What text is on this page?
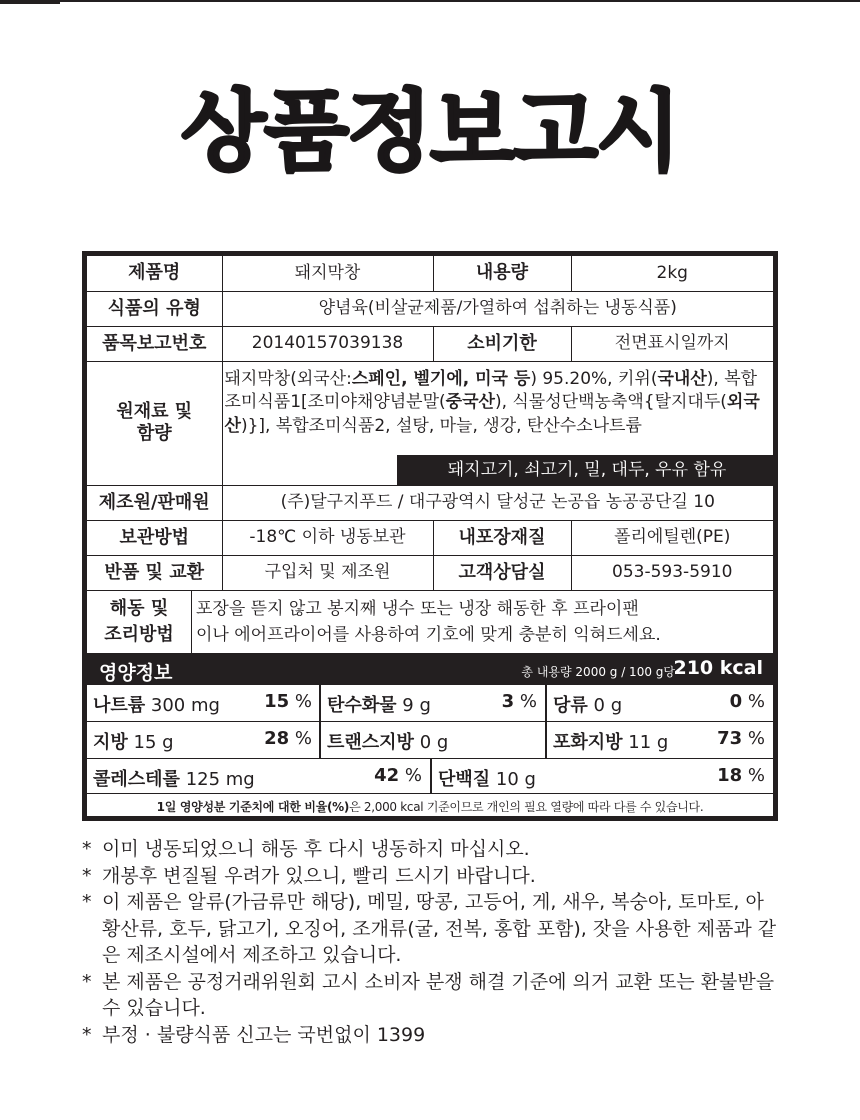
상품정보고시
제품명	돼지막창	내용량	2kg
식품의 유형	양념육(비살균제품/가열하여 섭취하는 냉동식품)		
품목보고번호	20140157039138	소비기한	전면표시일까지
원재료 및
함량	돼지막창(외국산:스페인, 벨기에, 미국 등) 95.20%, 키위(국내산), 복합조미식품1[조미야채양념분말(중국산), 식물성단백농축액{탈지대두(외국산)}], 복합조미식품2, 설탕, 마늘, 생강, 탄산수소나트륨
돼지고기, 쇠고기, 밀, 대두, 우유 함유		

제조원/판매원	(주)달구지푸드 / 대구광역시 달성군 논공읍 농공공단길 10		
보관방법	-18℃ 이하 냉동보관	내포장재질	폴리에틸렌(PE)
반품 및 교환	구입처 및 제조원	고객상담실	053-593-5910

해동 및
조리방법
포장을 뜯지 않고 봉지째 냉수 또는 냉장 해동한 후 프라이팬
이나 에어프라이어를 사용하여 기호에 맞게 충분히 익혀드세요.			
영양정보	총 내용량 2000 g / 100 g당
210 kcal
나트륨 300 mg 15 % 탄수화물 9 g	3 % 당류 0 g	0 %
지방 15 g	28 % 트랜스지방 0 g	포화지방 11 g	73 %
콜레스테롤 125 mg	42 % 단백질 10 g	18 %
1일 영양성분 기준치에 대한 비율(%)은 2,000 kcal 기준이므로 개인의 필요 열량에 따라 다를 수 있습니다.
* 이미 냉동되었으니 해동 후 다시 냉동하지 마십시오.
* 개봉후 변질될 우려가 있으니, 빨리 드시기 바랍니다.
* 이 제품은 알류(가금류만 해당), 메밀, 땅콩, 고등어, 게, 새우, 복숭아, 토마토, 아황산류, 호두, 닭고기, 오징어, 조개류(굴, 전복, 홍합 포함), 잣을 사용한 제품과 같은 제조시설에서 제조하고 있습니다.
* 본 제품은 공정거래위원회 고시 소비자 분쟁 해결 기준에 의거 교환 또는 환불받을 수 있습니다.
* 부정 · 불량식품 신고는 국번없이 1399
